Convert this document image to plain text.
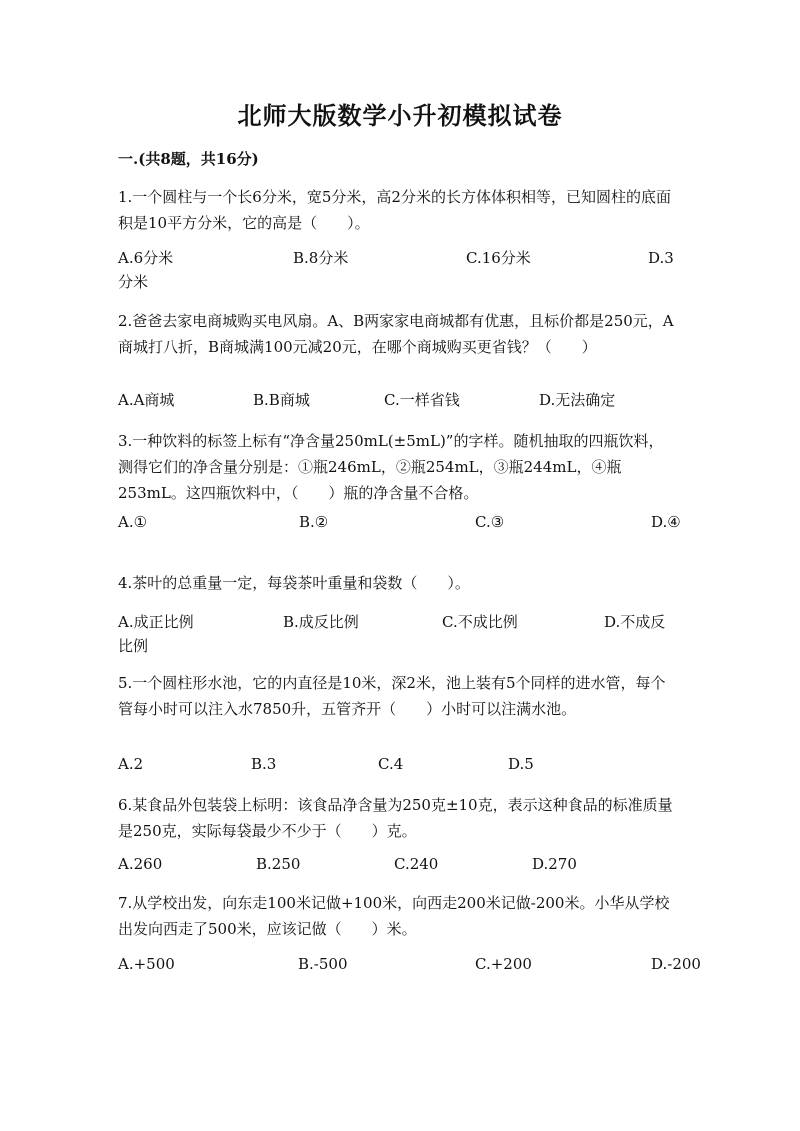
北师大版数学小升初模拟试卷
一.(共8题，共16分)
1.一个圆柱与一个长6分米，宽5分米，高2分米的长方体体积相等，已知圆柱的底面积是10平方分米，它的高是（　　）。
A.6分米	B.8分米	C.16分米	D.3分米
2.爸爸去家电商城购买电风扇。A、B两家家电商城都有优惠，且标价都是250元，A商城打八折，B商城满100元减20元，在哪个商城购买更省钱？（　　）
A.A商城	B.B商城	C.一样省钱	D.无法确定
3.一种饮料的标签上标有“净含量250mL(±5mL)”的字样。随机抽取的四瓶饮料，测得它们的净含量分别是：①瓶246mL，②瓶254mL，③瓶244mL，④瓶253mL。这四瓶饮料中，（　　）瓶的净含量不合格。
A.①	B.②	C.③	D.④
4.茶叶的总重量一定，每袋茶叶重量和袋数（　　）。
A.成正比例	B.成反比例	C.不成比例	D.不成反比例
5.一个圆柱形水池，它的内直径是10米，深2米，池上装有5个同样的进水管，每个管每小时可以注入水7850升，五管齐开（　　）小时可以注满水池。
A.2	B.3	C.4	D.5
6.某食品外包装袋上标明：该食品净含量为250克±10克，表示这种食品的标准质量是250克，实际每袋最少不少于（　　）克。
A.260	B.250	C.240	D.270
7.从学校出发，向东走100米记做+100米，向西走200米记做-200米。小华从学校出发向西走了500米，应该记做（　　）米。
A.+500	B.-500	C.+200	D.-200
